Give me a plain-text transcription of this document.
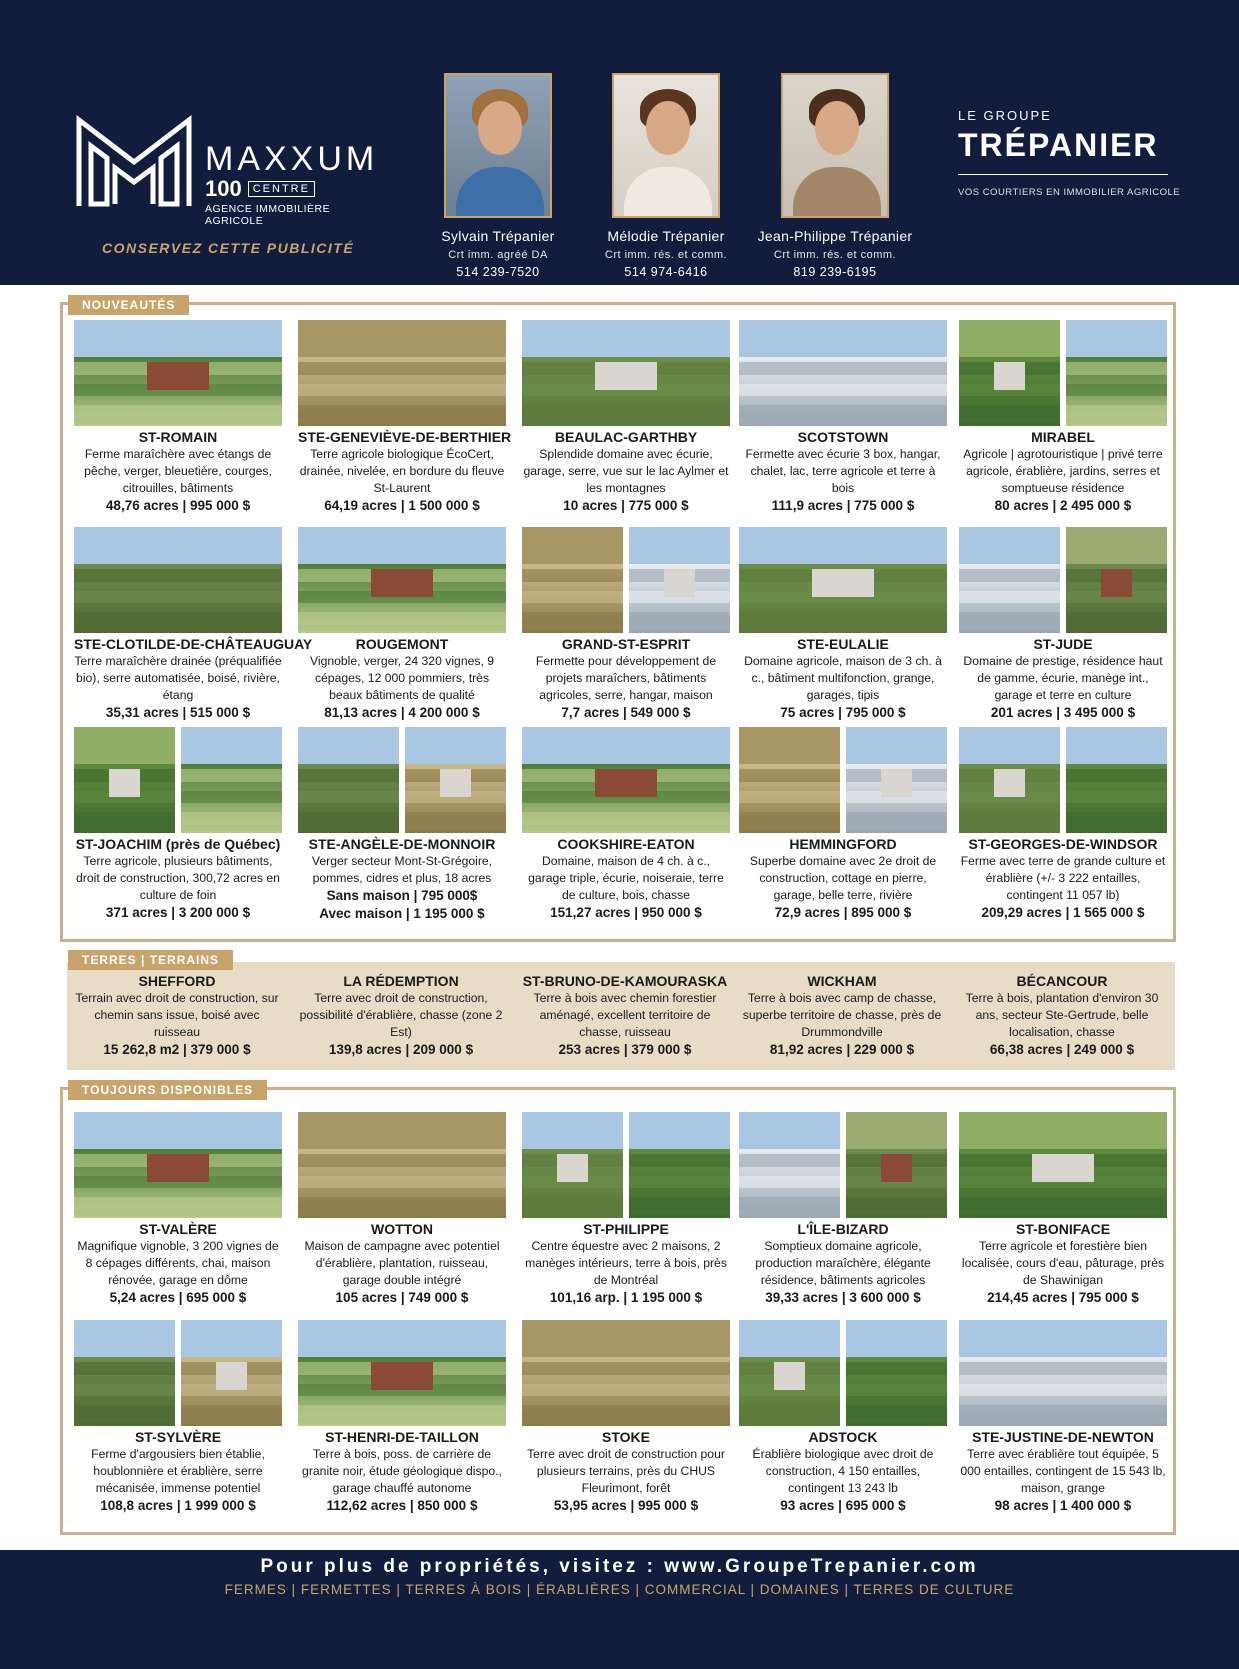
MAXXUM
100	CENTRE
AGENCE IMMOBILIÈRE AGRICOLE
CONSERVEZ CETTE PUBLICITÉ
Sylvain Trépanier
Crt imm. agréé DA
514 239-7520
Mélodie Trépanier
Crt imm. rés. et comm.
514 974-6416
Jean-Philippe Trépanier
Crt imm. rés. et comm.
819 239-6195
LE GROUPE
TRÉPANIER
VOS COURTIERS EN IMMOBILIER AGRICOLE
NOUVEAUTÉS
ST-ROMAIN
Ferme maraîchère avec étangs de pêche, verger, bleuetière, courges, citrouilles, bâtiments
48,76 acres | 995 000 $
STE-GENEVIÈVE-DE-BERTHIER
Terre agricole biologique ÉcoCert, drainée, nivelée, en bordure du fleuve St-Laurent
64,19 acres | 1 500 000 $
BEAULAC-GARTHBY
Splendide domaine avec écurie, garage, serre, vue sur le lac Aylmer et les montagnes
10 acres | 775 000 $
SCOTSTOWN
Fermette avec écurie 3 box, hangar, chalet, lac, terre agricole et terre à bois
111,9 acres | 775 000 $
MIRABEL
Agricole | agrotouristique | privé terre agricole, érablière, jardins, serres et somptueuse résidence
80 acres | 2 495 000 $
STE-CLOTILDE-DE-CHÂTEAUGUAY
Terre maraîchère drainée (préqualifiée bio), serre automatisée, boisé, rivière, étang
35,31 acres | 515 000 $
ROUGEMONT
Vignoble, verger, 24 320 vignes, 9 cépages, 12 000 pommiers, très beaux bâtiments de qualité
81,13 acres | 4 200 000 $
GRAND-ST-ESPRIT
Fermette pour développement de projets maraîchers, bâtiments agricoles, serre, hangar, maison
7,7 acres | 549 000 $
STE-EULALIE
Domaine agricole, maison de 3 ch. à c., bâtiment multifonction, grange, garages, tipis
75 acres | 795 000 $
ST-JUDE
Domaine de prestige, résidence haut de gamme, écurie, manège int., garage et terre en culture
201 acres | 3 495 000 $
ST-JOACHIM (près de Québec)
Terre agricole, plusieurs bâtiments, droit de construction, 300,72 acres en culture de foin
371 acres | 3 200 000 $
STE-ANGÈLE-DE-MONNOIR
Verger secteur Mont-St-Grégoire, pommes, cidres et plus, 18 acres
Sans maison | 795 000$
Avec maison | 1 195 000 $
COOKSHIRE-EATON
Domaine, maison de 4 ch. à c., garage triple, écurie, noiseraie, terre de culture, bois, chasse
151,27 acres | 950 000 $
HEMMINGFORD
Superbe domaine avec 2e droit de construction, cottage en pierre, garage, belle terre, rivière
72,9 acres | 895 000 $
ST-GEORGES-DE-WINDSOR
Ferme avec terre de grande culture et érablière (+/- 3 222 entailles, contingent 11 057 lb)
209,29 acres | 1 565 000 $
TERRES | TERRAINS
SHEFFORD
Terrain avec droit de construction, sur chemin sans issue, boisé avec ruisseau
15 262,8 m2 | 379 000 $
LA RÉDEMPTION
Terre avec droit de construction, possibilité d'érablière, chasse (zone 2 Est)
139,8 acres | 209 000 $
ST-BRUNO-DE-KAMOURASKA
Terre à bois avec chemin forestier aménagé, excellent territoire de chasse, ruisseau
253 acres | 379 000 $
WICKHAM
Terre à bois avec camp de chasse, superbe territoire de chasse, près de Drummondville
81,92 acres | 229 000 $
BÉCANCOUR
Terre à bois, plantation d'environ 30 ans, secteur Ste-Gertrude, belle localisation, chasse
66,38 acres | 249 000 $
TOUJOURS DISPONIBLES
ST-VALÈRE
Magnifique vignoble, 3 200 vignes de 8 cépages différents, chai, maison rénovée, garage en dôme
5,24 acres | 695 000 $
WOTTON
Maison de campagne avec potentiel d'érablière, plantation, ruisseau, garage double intégré
105 acres | 749 000 $
ST-PHILIPPE
Centre équestre avec 2 maisons, 2 manèges intérieurs, terre à bois, près de Montréal
101,16 arp. | 1 195 000 $
L'ÎLE-BIZARD
Somptieux domaine agricole, production maraîchère, élégante résidence, bâtiments agricoles
39,33 acres | 3 600 000 $
ST-BONIFACE
Terre agricole et forestière bien localisée, cours d'eau, pâturage, près de Shawinigan
214,45 acres | 795 000 $
ST-SYLVÈRE
Ferme d'argousiers bien établie, houblonnière et érablière, serre mécanisée, immense potentiel
108,8 acres | 1 999 000 $
ST-HENRI-DE-TAILLON
Terre à bois, poss. de carrière de granite noir, étude géologique dispo., garage chauffé autonome
112,62 acres | 850 000 $
STOKE
Terre avec droit de construction pour plusieurs terrains, près du CHUS Fleurimont, forêt
53,95 acres | 995 000 $
ADSTOCK
Érablière biologique avec droit de construction, 4 150 entailles, contingent 13 243 lb
93 acres | 695 000 $
STE-JUSTINE-DE-NEWTON
Terre avec érablière tout équipée, 5 000 entailles, contingent de 15 543 lb, maison, grange
98 acres | 1 400 000 $
Pour plus de propriétés, visitez : www.GroupeTrepanier.com
FERMES | FERMETTES | TERRES À BOIS | ÉRABLIÈRES | COMMERCIAL | DOMAINES | TERRES DE CULTURE
